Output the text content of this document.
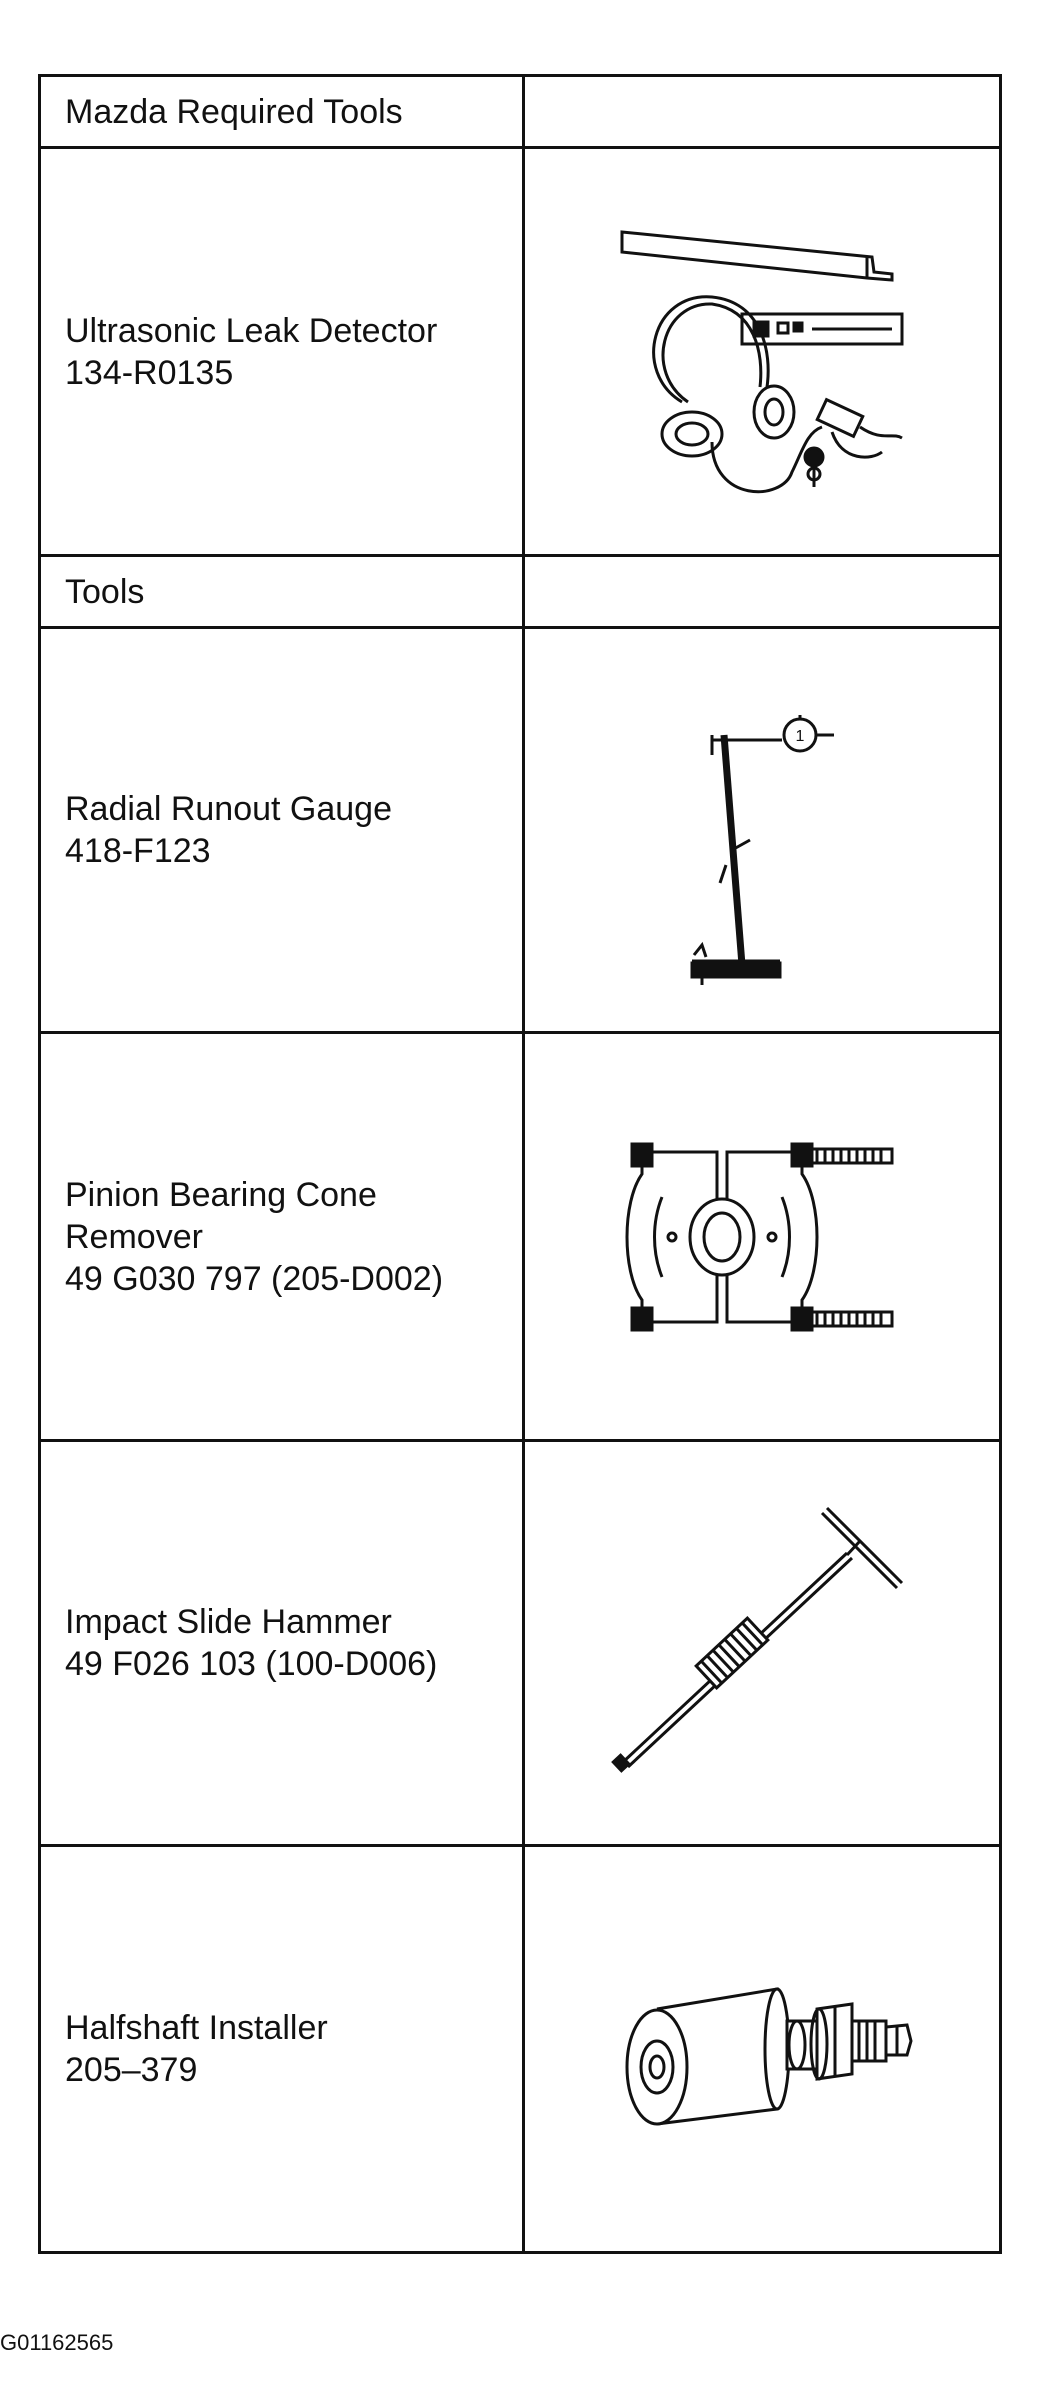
Mazda Required Tools
Ultrasonic Leak Detector
134-R0135
Tools
Radial Runout Gauge
418-F123
1
Pinion Bearing Cone
Remover
49 G030 797 (205-D002)
Impact Slide Hammer
49 F026 103 (100-D006)
Halfshaft Installer
205–379
G01162565
